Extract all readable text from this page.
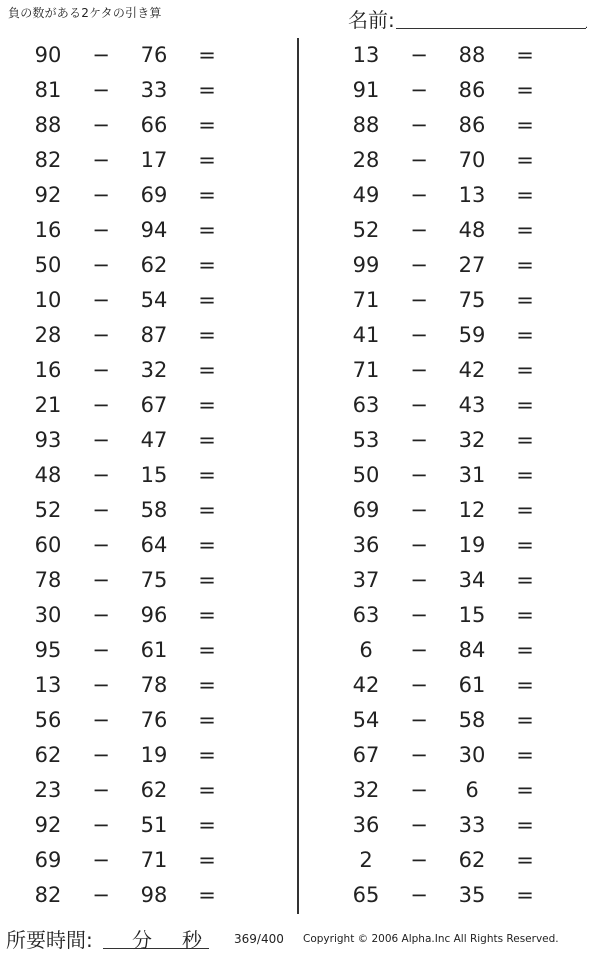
負の数がある2ケタの引き算	名前:	.
90	−	76	=
81	−	33	=
88	−	66	=
82	−	17	=
92	−	69	=
16	−	94	=
50	−	62	=
10	−	54	=
28	−	87	=
16	−	32	=
21	−	67	=
93	−	47	=
48	−	15	=
52	−	58	=
60	−	64	=
78	−	75	=
30	−	96	=
95	−	61	=
13	−	78	=
56	−	76	=
62	−	19	=
23	−	62	=
92	−	51	=
69	−	71	=
82	−	98	=
13	−	88	=
91	−	86	=
88	−	86	=
28	−	70	=
49	−	13	=
52	−	48	=
99	−	27	=
71	−	75	=
41	−	59	=
71	−	42	=
63	−	43	=
53	−	32	=
50	−	31	=
69	−	12	=
36	−	19	=
37	−	34	=
63	−	15	=
6	−	84	=
42	−	61	=
54	−	58	=
67	−	30	=
32	−	6	=
36	−	33	=
2	−	62	=
65	−	35	=
所要時間: 分 秒	369/400 Copyright © 2006 Alpha.Inc All Rights Reserved.
